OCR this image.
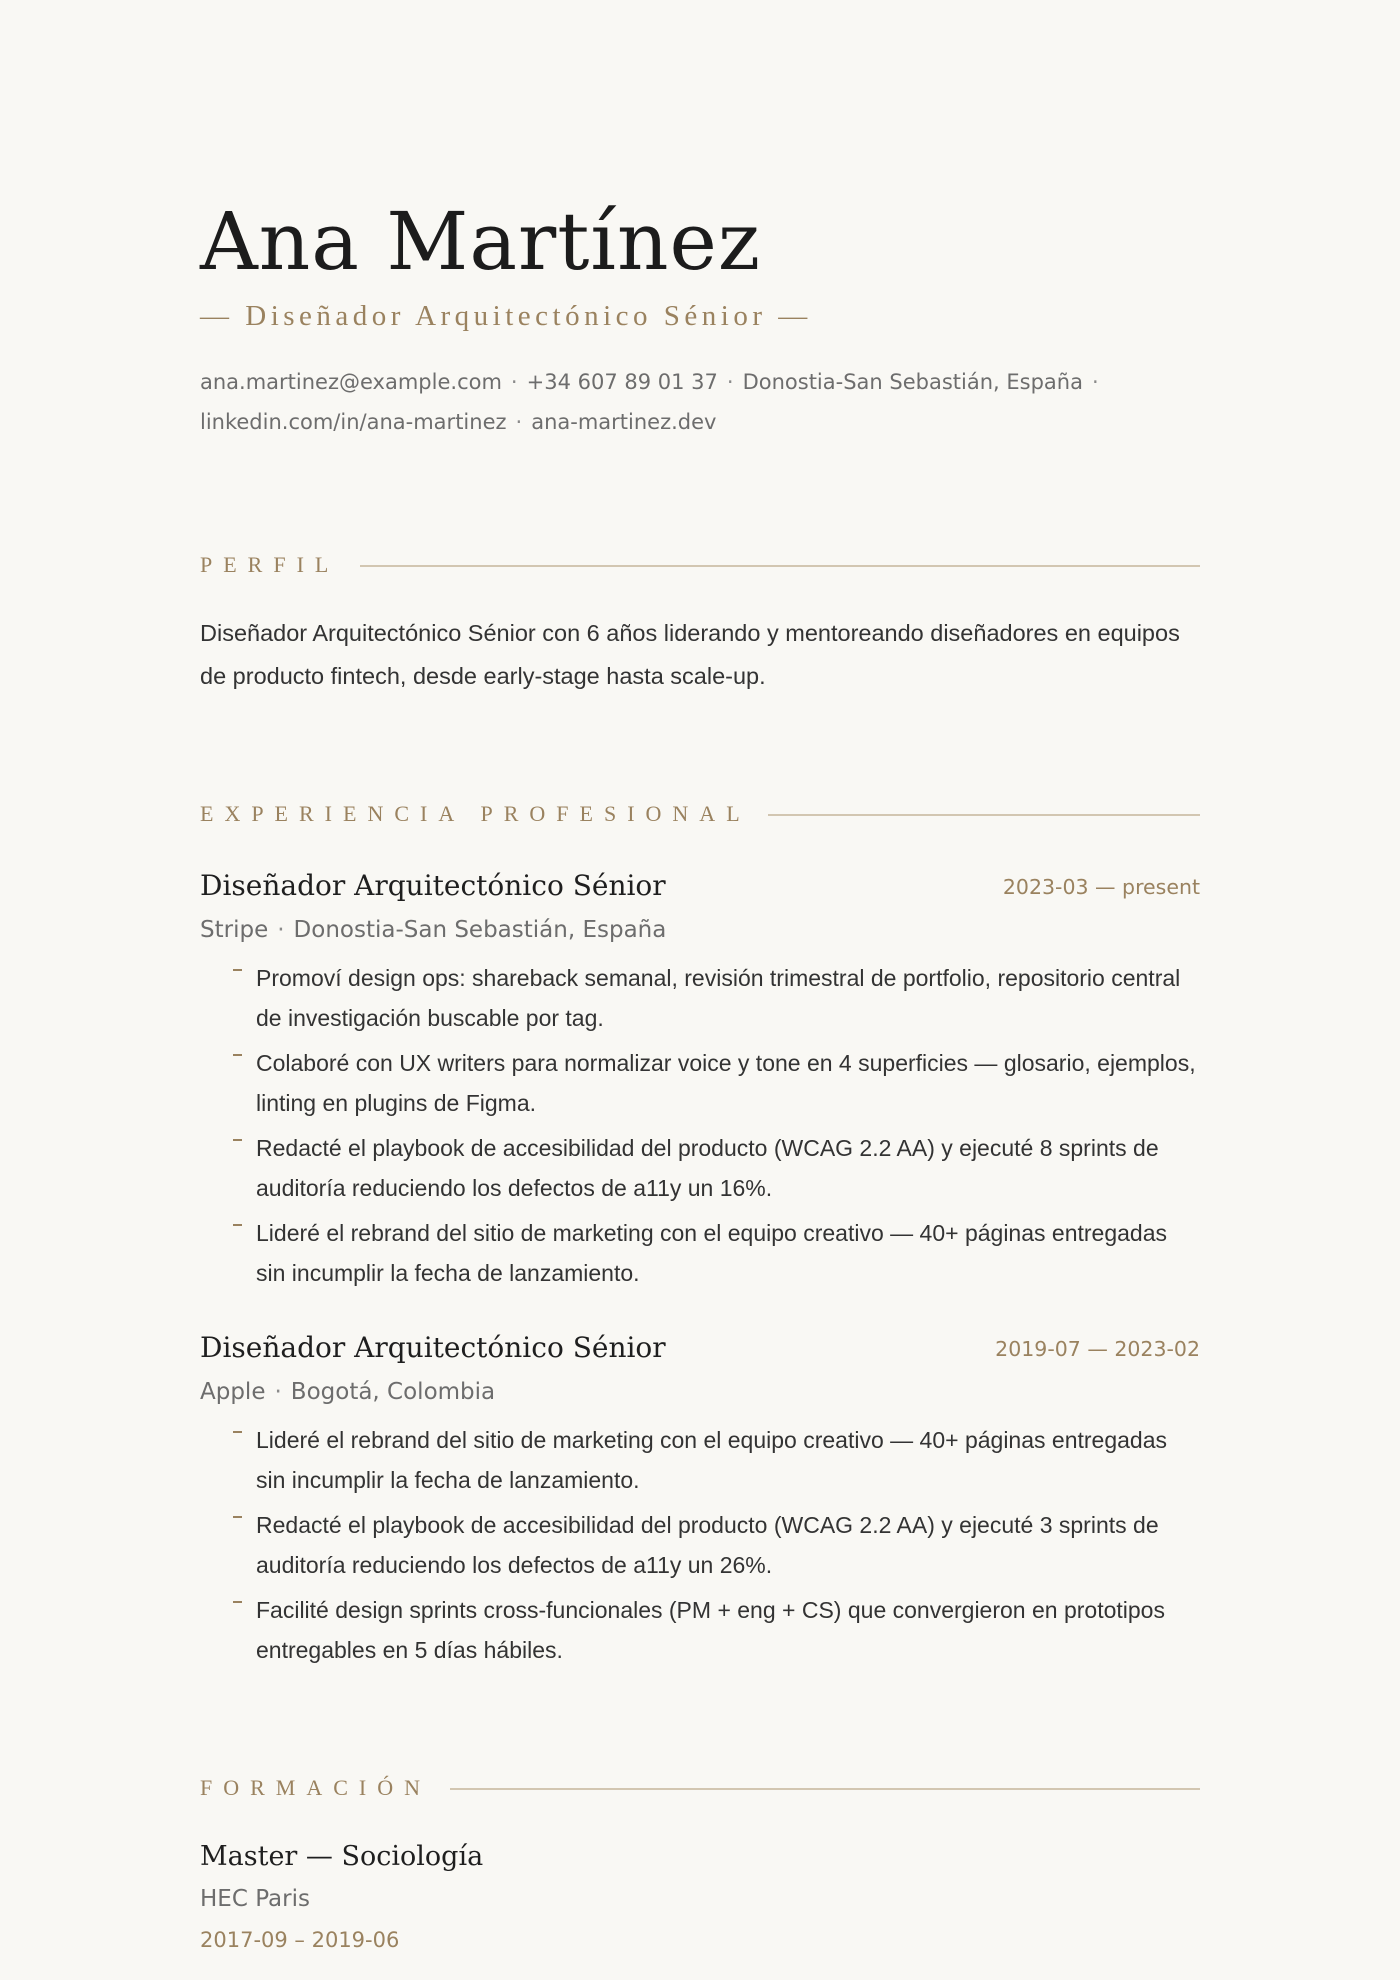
Ana Martínez
— Diseñador Arquitectónico Sénior —
ana.martinez@example.com · +34 607 89 01 37 · Donostia-San Sebastián, España ·
linkedin.com/in/ana-martinez · ana-martinez.dev
PERFIL

Diseñador Arquitectónico Sénior con 6 años liderando y mentoreando diseñadores en equipos de producto fintech, desde early-stage hasta scale-up.

EXPERIENCIA PROFESIONAL
Diseñador Arquitectónico Sénior	2023-03 — present
Stripe · Donostia-San Sebastián, España
Promoví design ops: shareback semanal, revisión trimestral de portfolio, repositorio central de investigación buscable por tag.
Colaboré con UX writers para normalizar voice y tone en 4 superficies — glosario, ejemplos, linting en plugins de Figma.
Redacté el playbook de accesibilidad del producto (WCAG 2.2 AA) y ejecuté 8 sprints de auditoría reduciendo los defectos de a11y un 16%.
Lideré el rebrand del sitio de marketing con el equipo creativo — 40+ páginas entregadas sin incumplir la fecha de lanzamiento.
Diseñador Arquitectónico Sénior	2019-07 — 2023-02
Apple · Bogotá, Colombia
Lideré el rebrand del sitio de marketing con el equipo creativo — 40+ páginas entregadas sin incumplir la fecha de lanzamiento.
Redacté el playbook de accesibilidad del producto (WCAG 2.2 AA) y ejecuté 3 sprints de auditoría reduciendo los defectos de a11y un 26%.
Facilité design sprints cross-funcionales (PM + eng + CS) que convergieron en prototipos entregables en 5 días hábiles.
FORMACIÓN
Master — Sociología
HEC Paris
2017-09 – 2019-06
